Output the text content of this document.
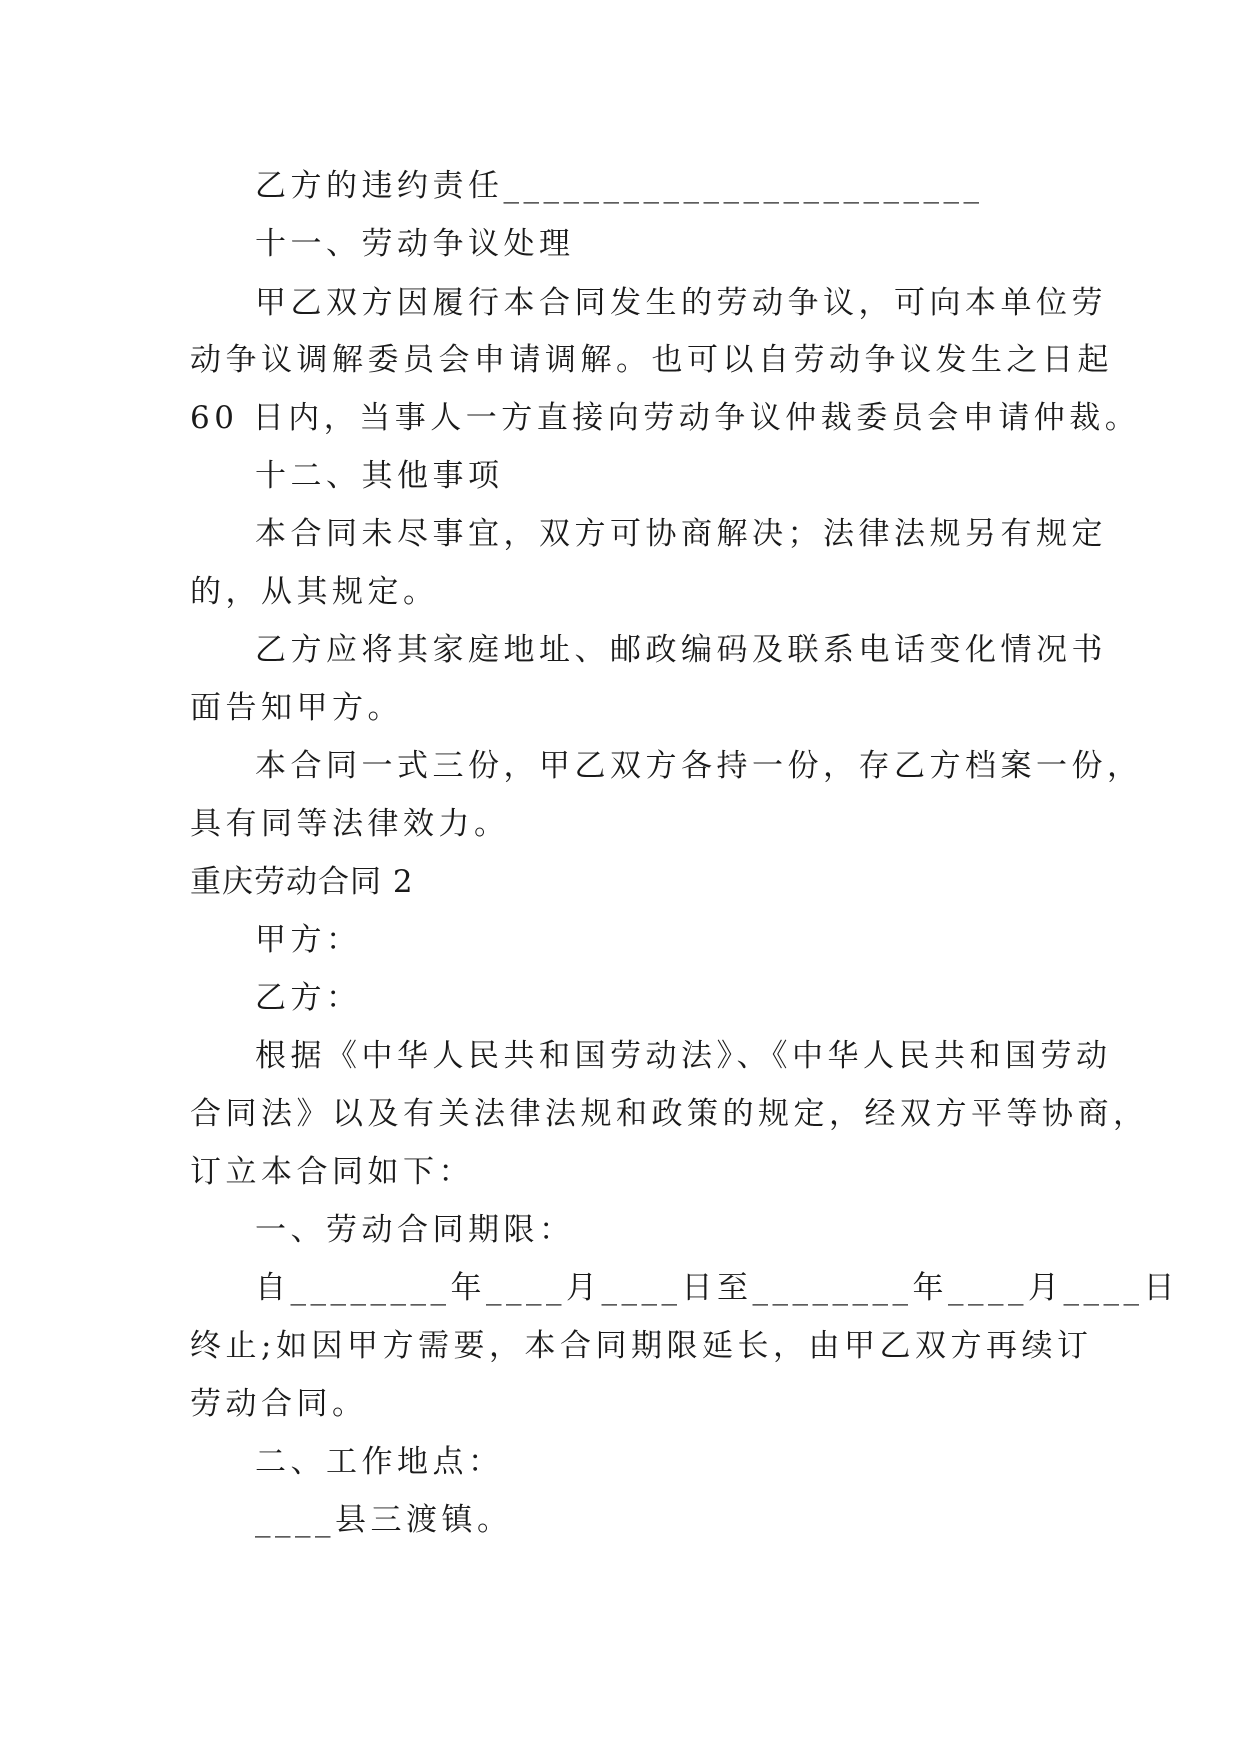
乙方的违约责任________________________
十一、劳动争议处理
甲乙双方因履行本合同发生的劳动争议，可向本单位劳
动争议调解委员会申请调解。也可以自劳动争议发生之日起
60 日内，当事人一方直接向劳动争议仲裁委员会申请仲裁。
十二、其他事项
本合同未尽事宜，双方可协商解决；法律法规另有规定
的，从其规定。
乙方应将其家庭地址、邮政编码及联系电话变化情况书
面告知甲方。
本合同一式三份，甲乙双方各持一份，存乙方档案一份，
具有同等法律效力。
重庆劳动合同 2
甲方：
乙方：
根据《中华人民共和国劳动法》、《中华人民共和国劳动
合同法》以及有关法律法规和政策的规定，经双方平等协商，
订立本合同如下：
一、劳动合同期限：
自________年____月____日至________年____月____日
终止;如因甲方需要，本合同期限延长，由甲乙双方再续订
劳动合同。
二、工作地点：
____县三渡镇。
